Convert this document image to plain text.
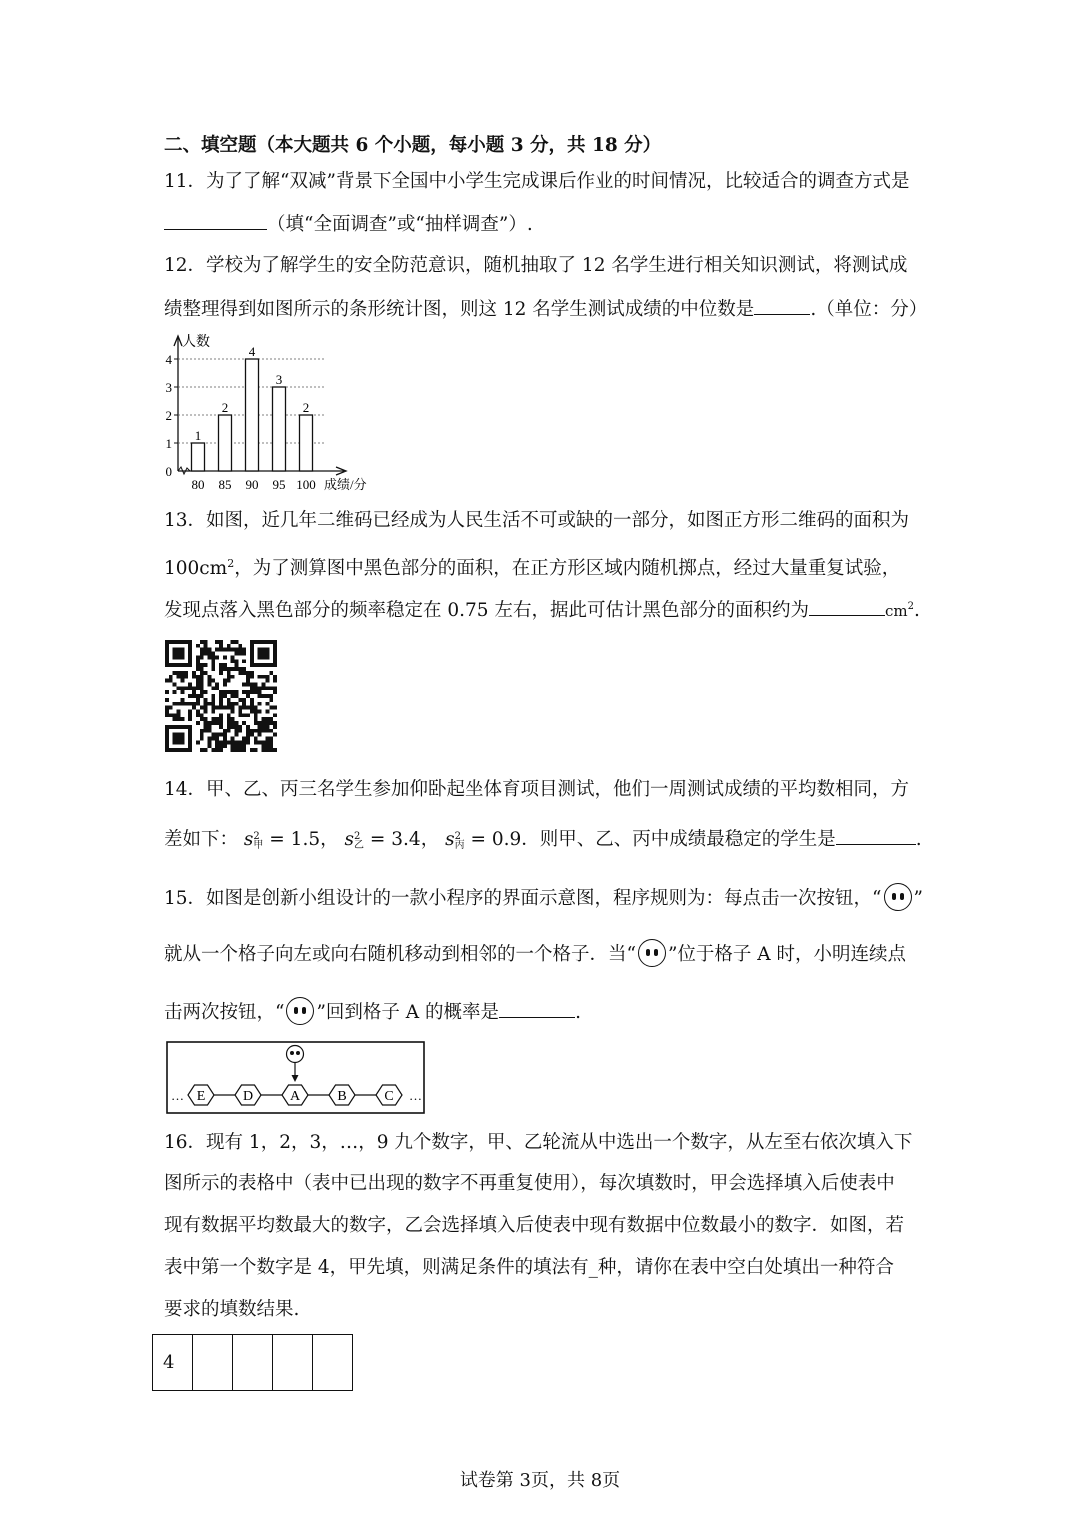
二、填空题（本大题共 6 个小题，每小题 3 分，共 18 分）
11．为了了解“双减”背景下全国中小学生完成课后作业的时间情况，比较适合的调查方式是
（填“全面调查”或“抽样调查”）.
12．学校为了解学生的安全防范意识，随机抽取了 12 名学生进行相关知识测试，将测试成
绩整理得到如图所示的条形统计图，则这 12 名学生测试成绩的中位数是	.（单位：分）
人数
0
1
2
3
4
1
80
2
85
4
90
3
95
2
100 成绩/分
13．如图，近几年二维码已经成为人民生活不可或缺的一部分，如图正方形二维码的面积为
$100cm^2$，为了测算图中黑色部分的面积，在正方形区域内随机掷点，经过大量重复试验，
发现点落入黑色部分的频率稳定在 0.75 左右，据此可估计黑色部分的面积约为	$cm^2$.
14．甲、乙、丙三名学生参加仰卧起坐体育项目测试，他们一周测试成绩的平均数相同，方
差如下： s 2
甲 = 1.5， s 2
乙 = 3.4， s 2
丙 = 0.9．则甲、乙、丙中成绩最稳定的学生是	.
15．如图是创新小组设计的一款小程序的界面示意图，程序规则为：每点击一次按钮，“ ”
就从一个格子向左或向右随机移动到相邻的一个格子．当“ ”位于格子 A 时，小明连续点
击两次按钮，“ ”回到格子 A 的概率是	.
…	…
E	D	A	B	C
16．现有 1，2，3，…，9 九个数字，甲、乙轮流从中选出一个数字，从左至右依次填入下
图所示的表格中（表中已出现的数字不再重复使用），每次填数时，甲会选择填入后使表中
现有数据平均数最大的数字，乙会选择填入后使表中现有数据中位数最小的数字．如图，若
表中第一个数字是 4，甲先填，则满足条件的填法有_种，请你在表中空白处填出一种符合
要求的填数结果.
4				
试卷第 3页，共 8页
